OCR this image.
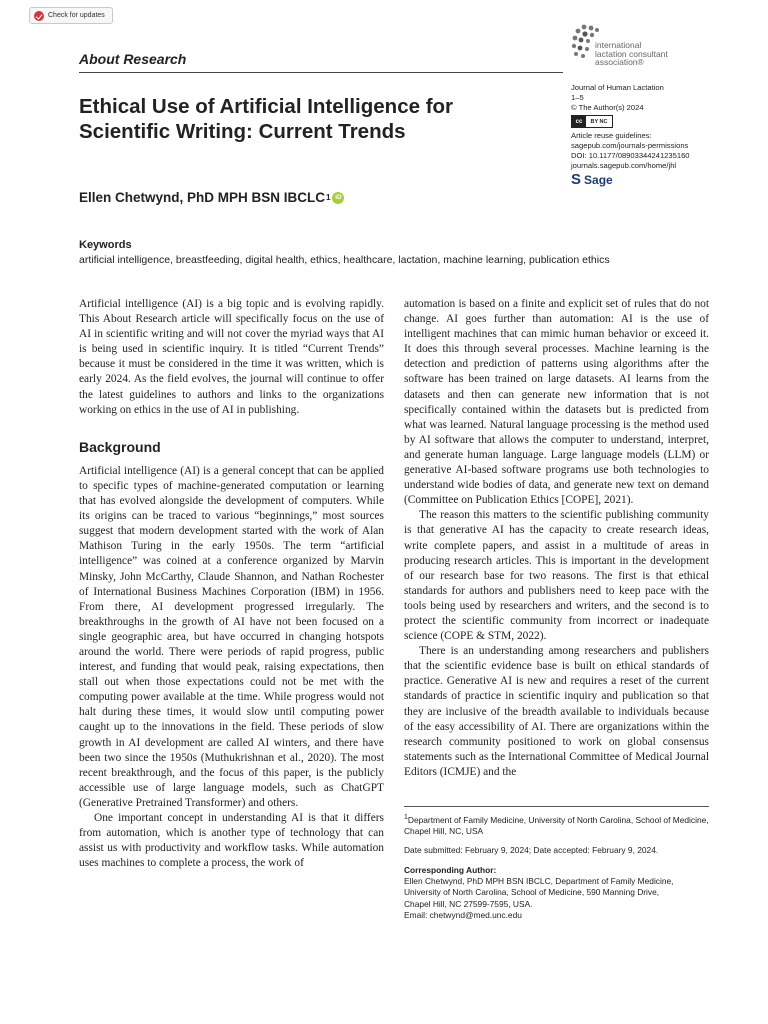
Check for updates
About Research
Ethical Use of Artificial Intelligence for Scientific Writing: Current Trends
Ellen Chetwynd, PhD MPH BSN IBCLC 1 iD
international
lactation consultant
association®
Journal of Human Lactation
1–5
© The Author(s) 2024
cc	BY NC
Article reuse guidelines:
sagepub.com/journals-permissions
DOI: 10.1177/08903344241235160
journals.sagepub.com/home/jhl
S Sage
Keywords
artificial intelligence, breastfeeding, digital health, ethics, healthcare, lactation, machine learning, publication ethics

Artificial intelligence (AI) is a big topic and is evolving rapidly. This About Research article will specifically focus on the use of AI in scientific writing and will not cover the myriad ways that AI is being used in scientific inquiry. It is titled “Current Trends” because it must be considered in the time it was written, which is early 2024. As the field evolves, the journal will continue to offer the latest guidelines to authors and links to the organizations working on ethics in the use of AI in publishing.

Background

Artificial intelligence (AI) is a general concept that can be applied to specific types of machine-generated computation or learning that has evolved alongside the development of computers. While its origins can be traced to various “beginnings,” most sources suggest that modern development started with the work of Alan Mathison Turing in the early 1950s. The term “artificial intelligence” was coined at a conference organized by Marvin Minsky, John McCarthy, Claude Shannon, and Nathan Rochester of International Business Machines Corporation (IBM) in 1956. From there, AI development progressed irregularly. The breakthroughs in the growth of AI have not been focused on a single geographic area, but have occurred in changing hotspots around the world. There were periods of rapid progress, public interest, and funding that would peak, raising expectations, then stall out when those expectations could not be met with the computing power available at the time. While progress would not halt during these times, it would slow until computing power caught up to the innovations in the field. These periods of slow growth in AI development are called AI winters, and there have been two since the 1950s (Muthukrishnan et al., 2020). The most recent breakthrough, and the focus of this paper, is the publicly accessible use of large language models, such as ChatGPT (Generative Pretrained Transformer) and others.

One important concept in understanding AI is that it differs from automation, which is another type of technology that can assist us with productivity and workflow tasks. While automation uses machines to complete a process, the work of

automation is based on a finite and explicit set of rules that do not change. AI goes further than automation: AI is the use of intelligent machines that can mimic human behavior or exceed it. It does this through several processes. Machine learning is the detection and prediction of patterns using algorithms after the software has been trained on large datasets. AI learns from the datasets and then can generate new information that is not specifically contained within the datasets but is predicted from what was learned. Natural language processing is the method used by AI software that allows the computer to understand, interpret, and generate human language. Large language models (LLM) or generative AI-based software programs use both technologies to understand wide bodies of data, and generate new text on demand (Committee on Publication Ethics [COPE], 2021).

The reason this matters to the scientific publishing community is that generative AI has the capacity to create research ideas, write complete papers, and assist in a multitude of areas in producing research articles. This is important in the development of our research base for two reasons. The first is that ethical standards for authors and publishers need to keep pace with the tools being used by researchers and writers, and the second is to protect the scientific community from incorrect or inadequate science (COPE & STM, 2022).

There is an understanding among researchers and publishers that the scientific evidence base is built on ethical standards of practice. Generative AI is new and requires a reset of the current standards of practice in scientific inquiry and publication so that they are inclusive of the breadth available to individuals because of the easy accessibility of AI. There are organizations within the research community positioned to work on global consensus statements such as the International Committee of Medical Journal Editors (ICMJE) and the

$^1$Department of Family Medicine, University of North Carolina, School of Medicine, Chapel Hill, NC, USA

Date submitted: February 9, 2024; Date accepted: February 9, 2024.

Corresponding Author:

Ellen Chetwynd, PhD MPH BSN IBCLC, Department of Family Medicine,
University of North Carolina, School of Medicine, 590 Manning Drive,
Chapel Hill, NC 27599-7595, USA.
Email: chetwynd@med.unc.edu
